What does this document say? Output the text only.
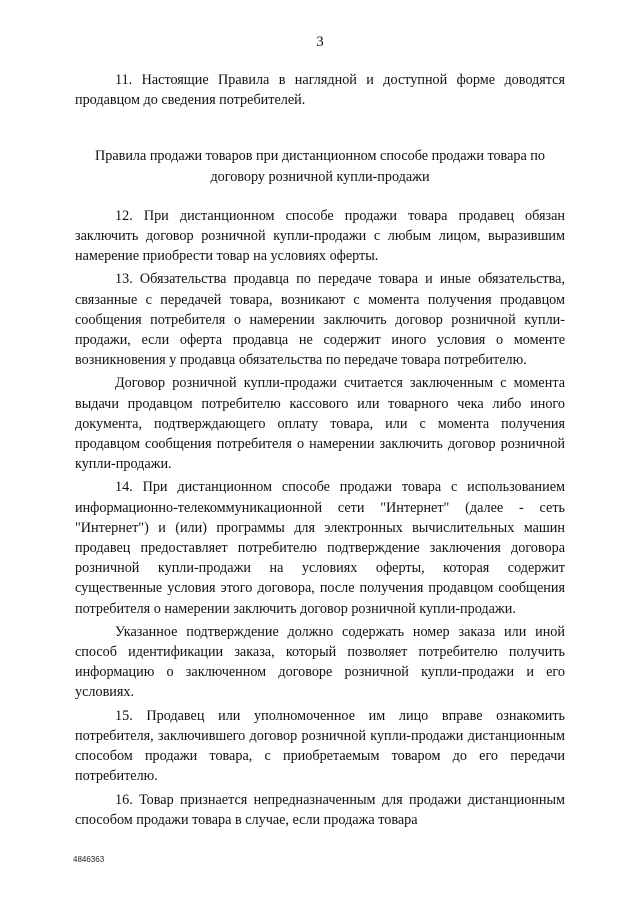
3

11. Настоящие Правила в наглядной и доступной форме доводятся продавцом до сведения потребителей.

Правила продажи товаров при дистанционном способе продажи товара по договору розничной купли-продажи

12. При дистанционном способе продажи товара продавец обязан заключить договор розничной купли-продажи с любым лицом, выразившим намерение приобрести товар на условиях оферты.

13. Обязательства продавца по передаче товара и иные обязательства, связанные с передачей товара, возникают с момента получения продавцом сообщения потребителя о намерении заключить договор розничной купли-продажи, если оферта продавца не содержит иного условия о моменте возникновения у продавца обязательства по передаче товара потребителю.

Договор розничной купли-продажи считается заключенным с момента выдачи продавцом потребителю кассового или товарного чека либо иного документа, подтверждающего оплату товара, или с момента получения продавцом сообщения потребителя о намерении заключить договор розничной купли-продажи.

14. При дистанционном способе продажи товара с использованием информационно-телекоммуникационной сети "Интернет" (далее - сеть "Интернет") и (или) программы для электронных вычислительных машин продавец предоставляет потребителю подтверждение заключения договора розничной купли-продажи на условиях оферты, которая содержит существенные условия этого договора, после получения продавцом сообщения потребителя о намерении заключить договор розничной купли-продажи.

Указанное подтверждение должно содержать номер заказа или иной способ идентификации заказа, который позволяет потребителю получить информацию о заключенном договоре розничной купли-продажи и его условиях.

15. Продавец или уполномоченное им лицо вправе ознакомить потребителя, заключившего договор розничной купли-продажи дистанционным способом продажи товара, с приобретаемым товаром до его передачи потребителю.

16. Товар признается непредназначенным для продажи дистанционным способом продажи товара в случае, если продажа товара

4846363
